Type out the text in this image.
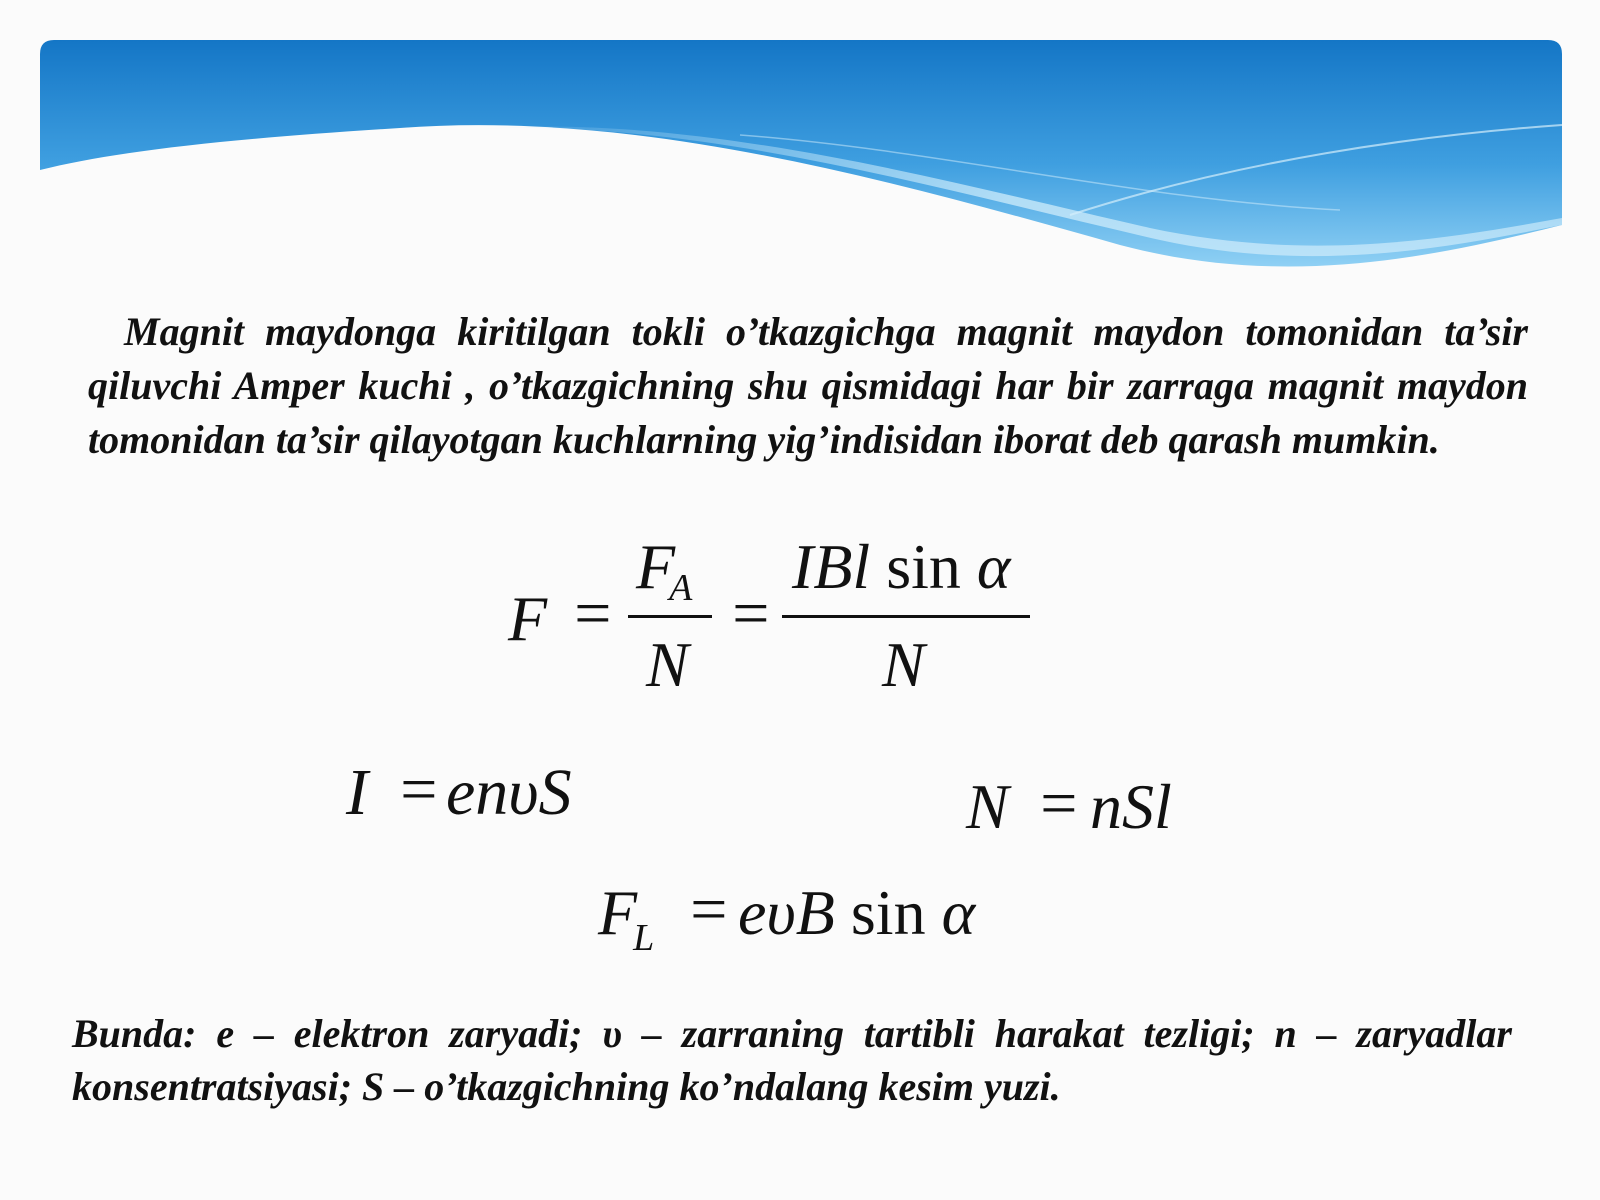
Magnit maydonga kiritilgan tokli o’tkazgichga magnit maydon tomonidan ta’sir qiluvchi Amper kuchi , o’tkazgichning shu qismidagi har bir zarraga magnit maydon tomonidan ta’sir qilayotgan kuchlarning yig’indisidan iborat deb qarash mumkin.
F =
FA
N
=
IBl sin α
N
I = enυS	N = nSl
$F_L = e\upsilon B$ sin α
Bunda: e – elektron zaryadi; υ – zarraning tartibli harakat tezligi; n – zaryadlar konsentratsiyasi; S – o’tkazgichning ko’ndalang kesim yuzi.
